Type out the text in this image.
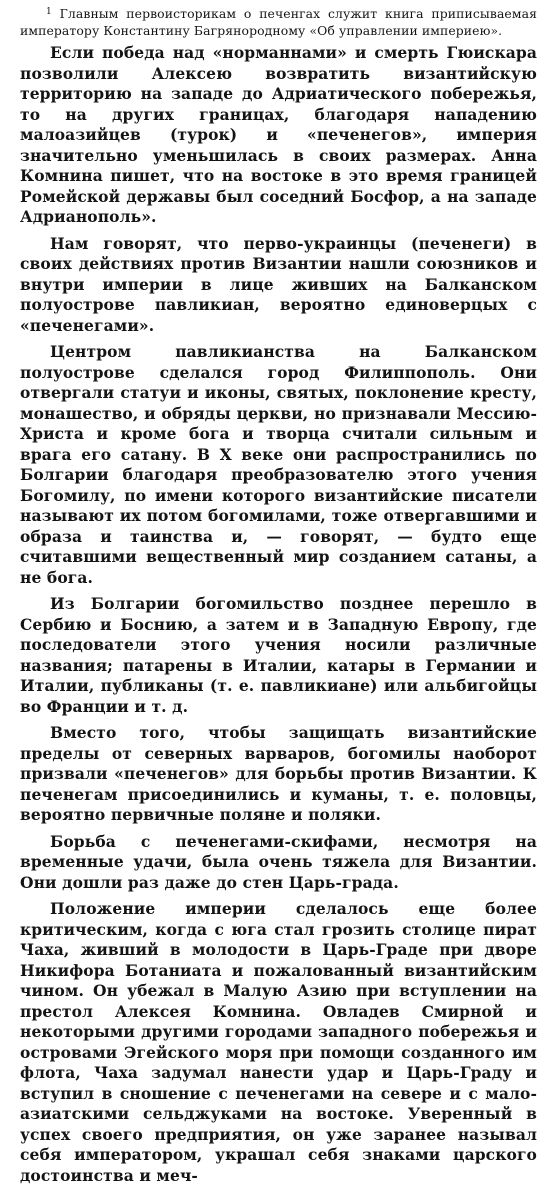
$^1$ Главным первоисторикам о печенгах служит книга приписываемая императору Константину Багрянородному «Об управлении империею».

Если победа над «норманнами» и смерть Гюискара позволили Алексею возвратить византийскую территорию на западе до Адриатического побережья, то на других границах, благодаря нападению малоазийцев (турок) и «печенегов», империя значительно уменьшилась в своих размерах. Анна Комнина пишет, что на востоке в это время границей Ромейской державы был соседний Босфор, а на западе Адрианополь».

Нам говорят, что перво-украинцы (печенеги) в своих действиях против Византии нашли союзников и внутри империи в лице живших на Балканском полуострове павликиан, вероятно единоверцых с «печенегами».

Центром павликианства на Балканском полуострове сделался город Филиппополь. Они отвергали статуи и иконы, святых, поклонение кресту, монашество, и обряды церкви, но признавали Мессию-Христа и кроме бога и творца считали сильным и врага его сатану. В X веке они распространились по Болгарии благодаря преобразователю этого учения Богомилу, по имени которого византийские писатели называют их потом богомилами, тоже отвергавшими и образа и таинства и, — говорят, — будто еще считавшими вещественный мир созданием сатаны, а не бога.

Из Болгарии богомильство позднее перешло в Сербию и Боснию, а затем и в Западную Европу, где последователи этого учения носили различные названия; патарены в Италии, катары в Германии и Италии, публиканы (т. е. павликиане) или альбигойцы во Франции и т. д.

Вместо того, чтобы защищать византийские пределы от северных варваров, богомилы наоборот призвали «печенегов» для борьбы против Византии. К печенегам присоединились и куманы, т. е. половцы, вероятно первичные поляне и поляки.

Борьба с печенегами-скифами, несмотря на временные удачи, была очень тяжела для Византии. Они дошли раз даже до стен Царь-града.

Положение империи сделалось еще более критическим, когда с юга стал грозить столице пират Чаха, живший в молодости в Царь-Граде при дворе Никифора Ботаниата и пожалованный византийским чином. Он убежал в Малую Азию при вступлении на престол Алексея Комнина. Овладев Смирной и некоторыми другими городами западного побережья и островами Эгейского моря при помощи созданного им флота, Чаха задумал нанести удар и Царь-Граду и вступил в сношение с печенегами на севере и с мало-азиатскими сельджуками на востоке. Уверенный в успех своего предприятия, он уже заранее называл себя императором, украшал себя знаками царского достоинства и меч-
